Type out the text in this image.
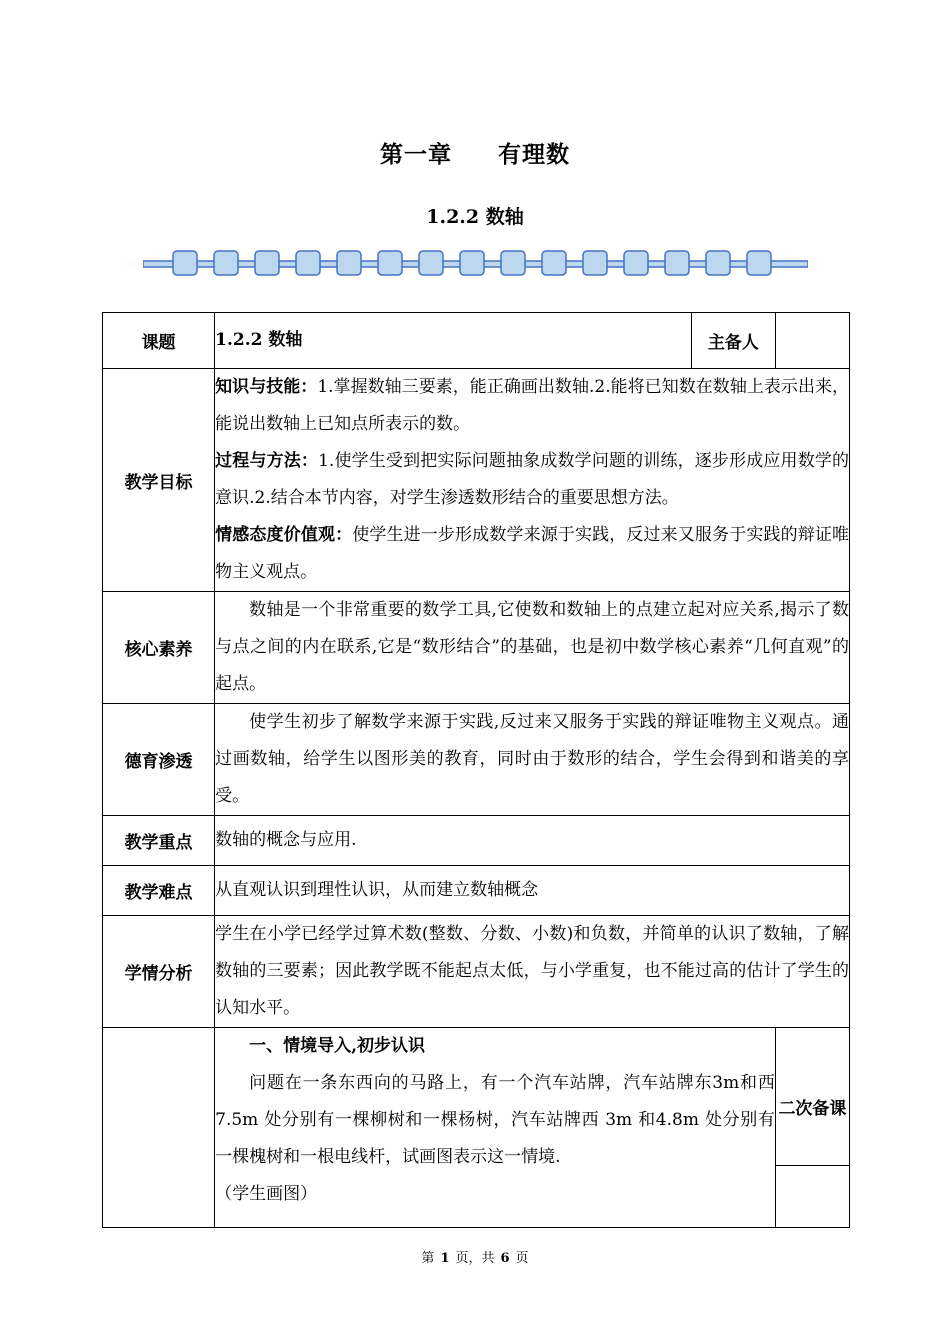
第一章 有理数
1.2.2 数轴
课题	1.2.2 数轴	主备人	
教学目标	知识与技能：1.掌握数轴三要素，能正确画出数轴.2.能将已知数在数轴上表示出来，能说出数轴上已知点所表示的数。

过程与方法：1.使学生受到把实际问题抽象成数学问题的训练，逐步形成应用数学的意识.2.结合本节内容，对学生渗透数形结合的重要思想方法。

情感态度价值观：使学生进一步形成数学来源于实践，反过来又服务于实践的辩证唯物主义观点。		

核心素养	数轴是一个非常重要的数学工具,它使数和数轴上的点建立起对应关系,揭示了数与点之间的内在联系,它是“数形结合”的基础，也是初中数学核心素养“几何直观”的起点。		
德育渗透	使学生初步了解数学来源于实践,反过来又服务于实践的辩证唯物主义观点。通过画数轴，给学生以图形美的教育，同时由于数形的结合，学生会得到和谐美的享受。		
教学重点	数轴的概念与应用.		
教学难点	从直观认识到理性认识，从而建立数轴概念		
学情分析	学生在小学已经学过算术数(整数、分数、小数)和负数，并简单的认识了数轴，了解数轴的三要素；因此教学既不能起点太低，与小学重复，也不能过高的估计了学生的认知水平。		

	一、情境导入,初步认识

问题在一条东西向的马路上，有一个汽车站牌，汽车站牌东3m和西 7.5m 处分别有一棵柳树和一棵杨树，汽车站牌西 3m 和4.8m 处分别有一棵槐树和一根电线杆，试画图表示这一情境.

（学生画图）		二次备课
第 1 页，共 6 页
